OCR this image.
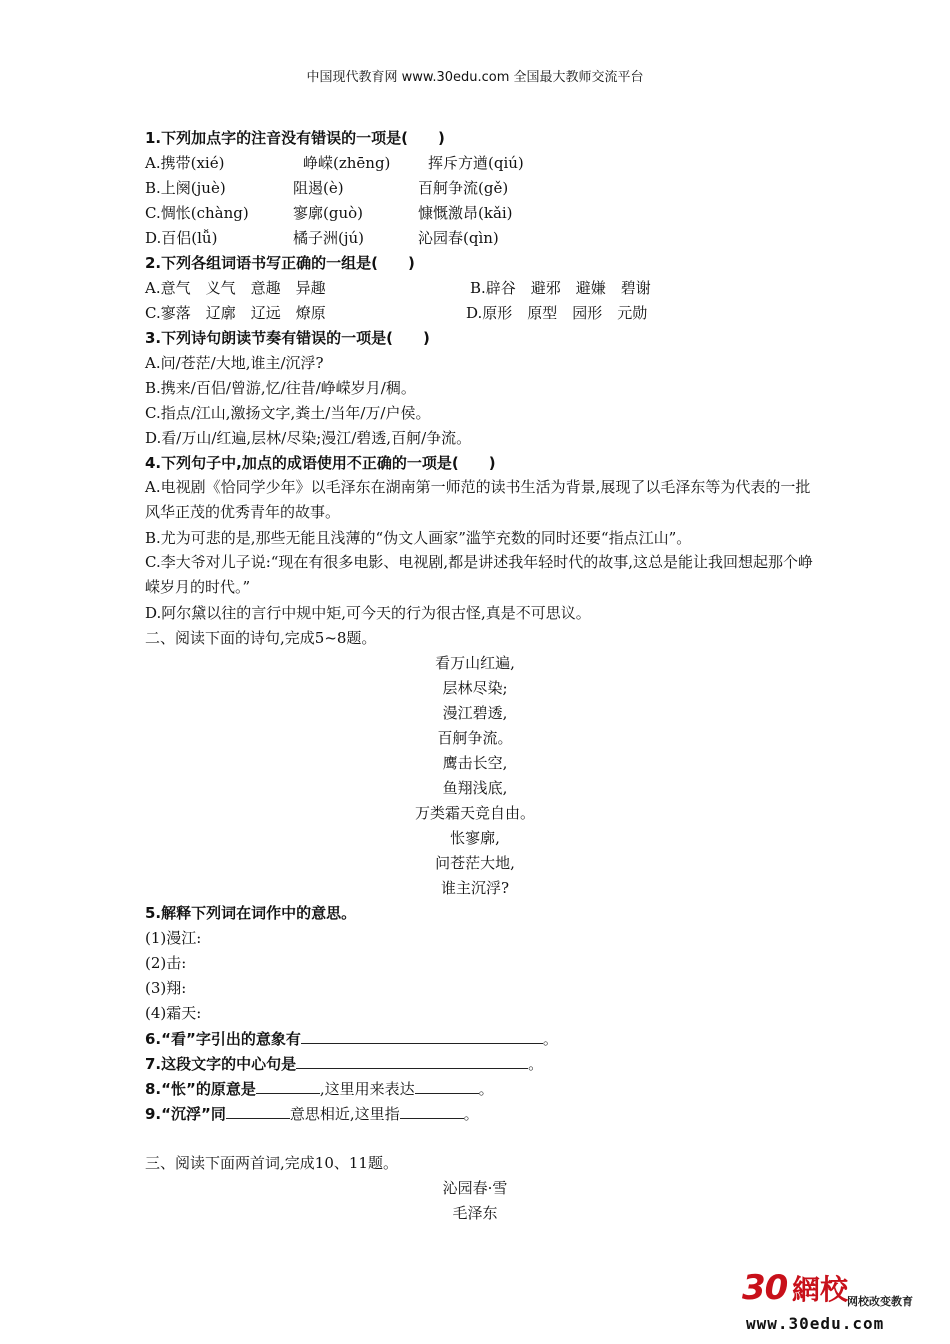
中国现代教育网 www.30edu.com 全国最大教师交流平台
1.下列加点字的注音没有错误的一项是(　　)
A.携带(xié)	峥嵘(zhēng)	挥斥方遒(qiú)
B.上阕(juè)	阻遏(è)	百舸争流(gě)
C.惆怅(chàng)	寥廓(guò)	慷慨激昂(kǎi)
D.百侣(lǚ)	橘子洲(jú)	沁园春(qìn)
2.下列各组词语书写正确的一组是(　　)
A.意气　义气　意趣　异趣	B.辟谷　避邪　避嫌　碧谢
C.寥落　辽廓　辽远　燎原	D.原形　原型　园形　元勋
3.下列诗句朗读节奏有错误的一项是(　　)
A.问/苍茫/大地,谁主/沉浮?
B.携来/百侣/曾游,忆/往昔/峥嵘岁月/稠。
C.指点/江山,激扬文字,粪土/当年/万/户侯。
D.看/万山/红遍,层林/尽染;漫江/碧透,百舸/争流。
4.下列句子中,加点的成语使用不正确的一项是(　　)
A.电视剧《恰同学少年》以毛泽东在湖南第一师范的读书生活为背景,展现了以毛泽东等为代表的一批风华正茂的优秀青年的故事。
B.尤为可悲的是,那些无能且浅薄的“伪文人画家”滥竽充数的同时还要“指点江山”。
C.李大爷对儿子说:“现在有很多电影、电视剧,都是讲述我年轻时代的故事,这总是能让我回想起那个峥嵘岁月的时代。”
D.阿尔黛以往的言行中规中矩,可今天的行为很古怪,真是不可思议。
二、阅读下面的诗句,完成5~8题。
看万山红遍,
层林尽染;
漫江碧透,
百舸争流。
鹰击长空,
鱼翔浅底,
万类霜天竞自由。
怅寥廓,
问苍茫大地,
谁主沉浮?
5.解释下列词在词作中的意思。
(1)漫江:
(2)击:
(3)翔:
(4)霜天:
6.“看”字引出的意象有	。
7.这段文字的中心句是	。
8.“怅”的原意是	,这里用来表达	。
9.“沉浮”同	意思相近,这里指	。
三、阅读下面两首词,完成10、11题。
沁园春·雪
毛泽东
30 網校
网校改变教育
www.30edu.com
